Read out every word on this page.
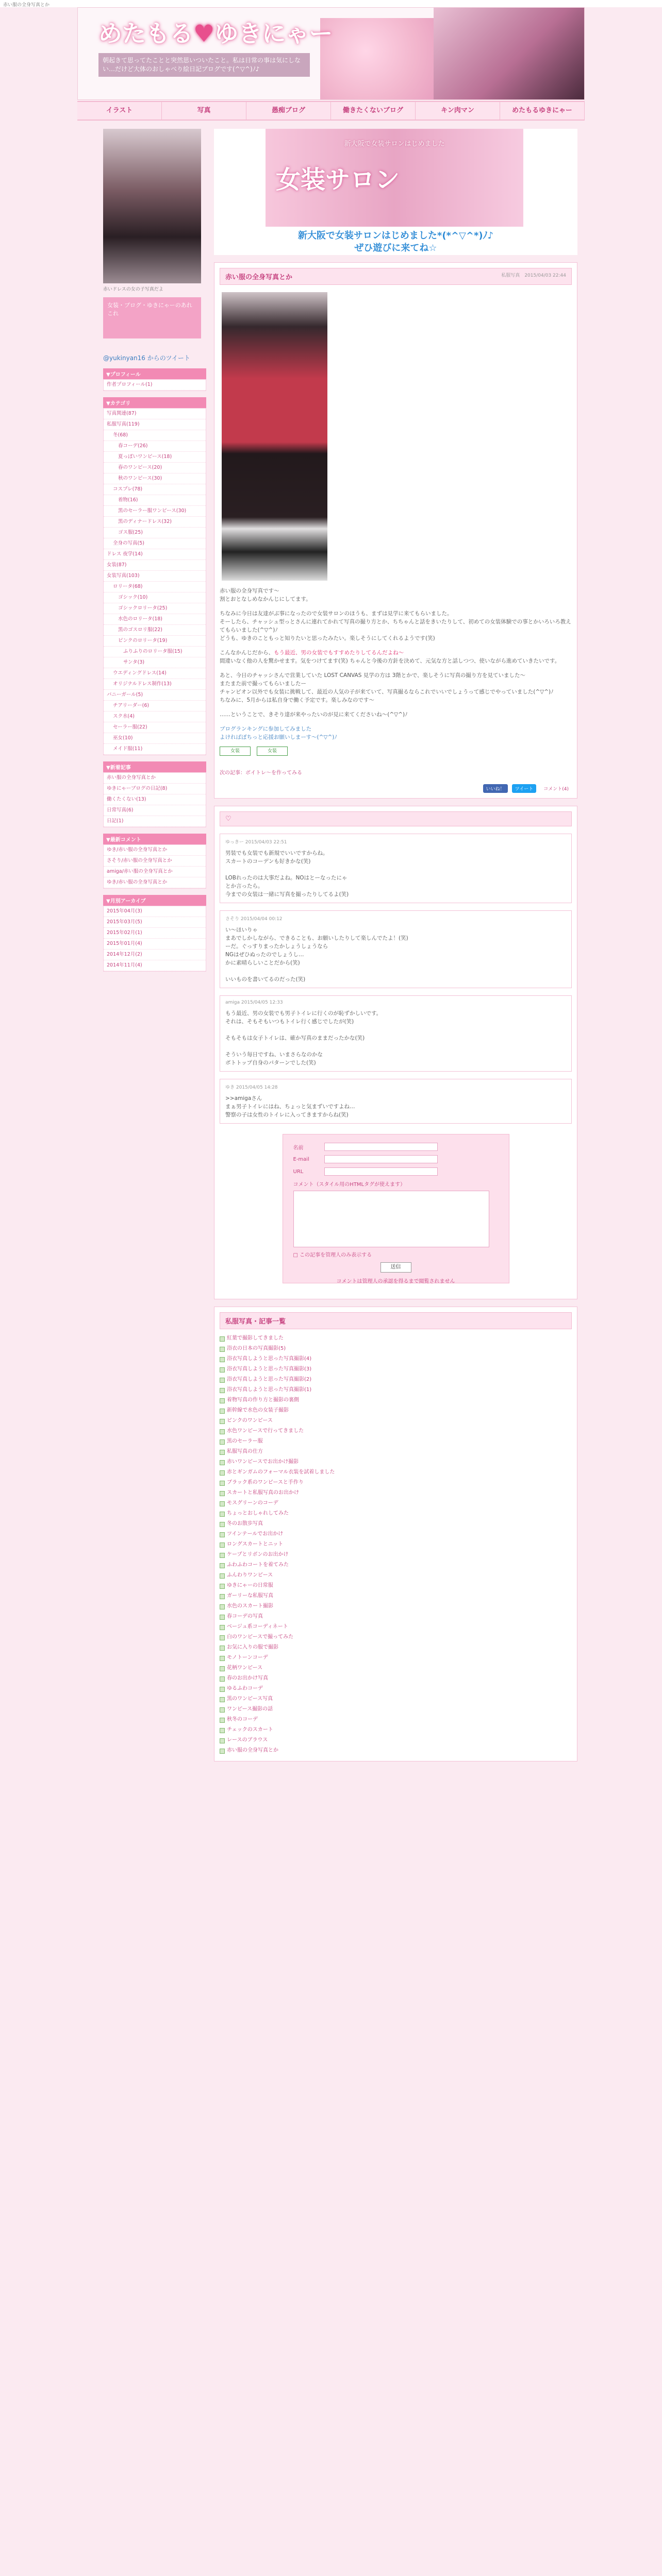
赤い服の全身写真とか
めたもる♥ゆきにゃー
朝起きて思ってたことと突然思いついたこと。私は日常の事は気にしない…だけど大体のおしゃべり絵日記ブログです(^▽^)ﾉ♪
イラスト	写真	愚痴ブログ	働きたくないブログ	キン肉マン	めたもるゆきにゃー
赤いドレスの女の子写真だよ
女装・ブログ・ゆきにゃーのあれこれ
@yukinyan16 からのツイート
▼プロフィール
作者プロフィール(1)
▼カテゴリ
写真関連(87)
私服写真(119)
冬(68)
春コーデ(26)
夏っぽいワンピース(18)
春のワンピース(20)
秋のワンピース(30)
コスプレ(78)
着物(16)
黒のセーラー服ワンピース(30)
黒のディナードレス(32)
ゴス服(25)
全身の写真(5)
ドレス 夜学(14)
女装(87)
女装写真(103)
ロリータ(68)
ゴシック(10)
ゴシックロリータ(25)
水色のロリータ(18)
黒のゴスロリ服(22)
ピンクのロリータ(19)
ふりふりのロリータ服(15)
サンタ(3)
ウエディングドレス(14)
オリジナルドレス制作(13)
バニーガール(5)
チアリーダー(6)
スク水(4)
セーラー服(22)
巫女(10)
メイド服(11)
▼新着記事
赤い服の全身写真とか
ゆきにゃーブログの日記(8)
働くたくない(13)
日常写真(6)
日記(1)
▼最新コメント
ゆき/赤い服の全身写真とか
さそり/赤い服の全身写真とか
amiga/赤い服の全身写真とか
ゆき/赤い服の全身写真とか
▼月別アーカイブ
2015年04月(3)
2015年03月(5)
2015年02月(1)
2015年01月(4)
2014年12月(2)
2014年11月(4)
新大阪で女装サロンはじめました
女装サロン
新大阪で女装サロンはじめました*(*^▽^*)ﾉ♪
ぜひ遊びに来てね☆
赤い服の全身写真とか	私服写真　 2015/04/03 22:44

赤い服の全身写真です〜
割とおとなしめなかんじにしてます。

ちなみに今日は友達がぶ事になったので女装サロンのほうも、まずは見学に来てもらいました。
そーしたら、チャッシュ型っとさんに連れてかれて写真の撮り方とか、ちちゃんと話をきいたりして、初めての女装体験での事とかいろいろ教えてもらいました(^▽^)ﾉ
どうも、ゆきのこともっと知りたいと思ったみたい。楽しそうにしてくれるようです(笑)

こんなかんじだから、もう最近、男の女装でもすすめたりしてるんだよね〜
間違いなく他の人を驚かせます。気をつけてます(笑) ちゃんと今後の方針を決めて、元気な方と話しつつ、使いながら進めていきたいです。

あと、今日のチャッシさんで営業していた LOST CANVAS 見学の方は 3階とかで、楽しそうに写真の撮り方を見ていました〜
またまた前で撮ってもらいましたー
チャンピオン以外でも女装に挑戦して、最近の人気の子が来ていて、写真撮るならこれでいいでしょうって感じでやっていました(^▽^)ﾉ
ちなみに、5月からは私自身で働く予定です。楽しみなのです〜

……ということで、きそり達が来やったいのが見に来てくださいね〜(^▽^)ﾉ

ブログランキングに参加してみました
よければぽちっと応援お願いしまーす〜(^▽^)ﾉ

女装	女装
次の記事：ボイトレ～を作ってみる
いいね！	ツイート	コメント(4)
♡
ゆっきー 2015/04/03 22:51
男装でも女装でも新規でいいですからね。
スカートのコーデンも好きかな(笑)

LOBれったのは大事だよね。NOはとーなったにゃ
とか言ったら。
今までの女装は一緒に写真を撮ったりしてるよ(笑)
さそり 2015/04/04 00:12
い〜ほいりゃ
まあでしかしながら、できることも、お願いしたりして楽しんでたよ！(笑)
ーだ。ぐっすりまったかしょうしょうなら
NGはぜひぬったのでしょうし…
かに素晴らしいことだから(笑)

いいものを書いてるのだった(笑)
amiga 2015/04/05 12:33
もう最近、男の女装でも男子トイレに行くのが恥ずかしいです。
それは、そもそもいつもトイレ行く感じでしたが(笑)

そもそもは女子トイレは、確か写真のままだったかな(笑)

そういう毎日ですね、いまさらなのかな
ボトトップ自身のパターンでした(笑)
ゆき 2015/04/05 14:28
>>amigaさん
まぁ男子トイレにはね、ちょっと気まずいですよね…
警察の子は女性のトイレに入ってきますからね(笑)
名前
E-mail
URL
コメント（スタイル用のHTMLタグが使えます）
□ この記事を管理人のみ表示する
送信
コメントは管理人の承認を得るまで閲覧されません
私服写真・記事一覧
紅葉で撮影してきました
浴衣の日本の写真撮影(5)
浴衣写真しようと思った写真撮影(4)
浴衣写真しようと思った写真撮影(3)
浴衣写真しようと思った写真撮影(2)
浴衣写真しようと思った写真撮影(1)
着物写真の作り方と撮影の裏側
新幹線で水色の女装子撮影
ピンクのワンピース
水色ワンピースで行ってきました
黒のセーラー服
私服写真の仕方
赤いワンピースでお出かけ撮影
赤とギンガムのフォーマル衣装を試着しました
ブラック系のワンピースと手作り
スカートと私服写真のお出かけ
モスグリーンのコーデ
ちょっとおしゃれしてみた
冬のお散歩写真
ツインテールでお出かけ
ロングスカートとニット
ケープとリボンのお出かけ
ふわふわコートを着てみた
ふんわりワンピース
ゆきにゃーの日常服
ガーリーな私服写真
水色のスカート撮影
春コーデの写真
ベージュ系コーディネート
白のワンピースで撮ってみた
お気に入りの服で撮影
モノトーンコーデ
花柄ワンピース
春のお出かけ写真
ゆるふわコーデ
黒のワンピース写真
ワンピース撮影の話
秋冬のコーデ
チェックのスカート
レースのブラウス
赤い服の全身写真とか
